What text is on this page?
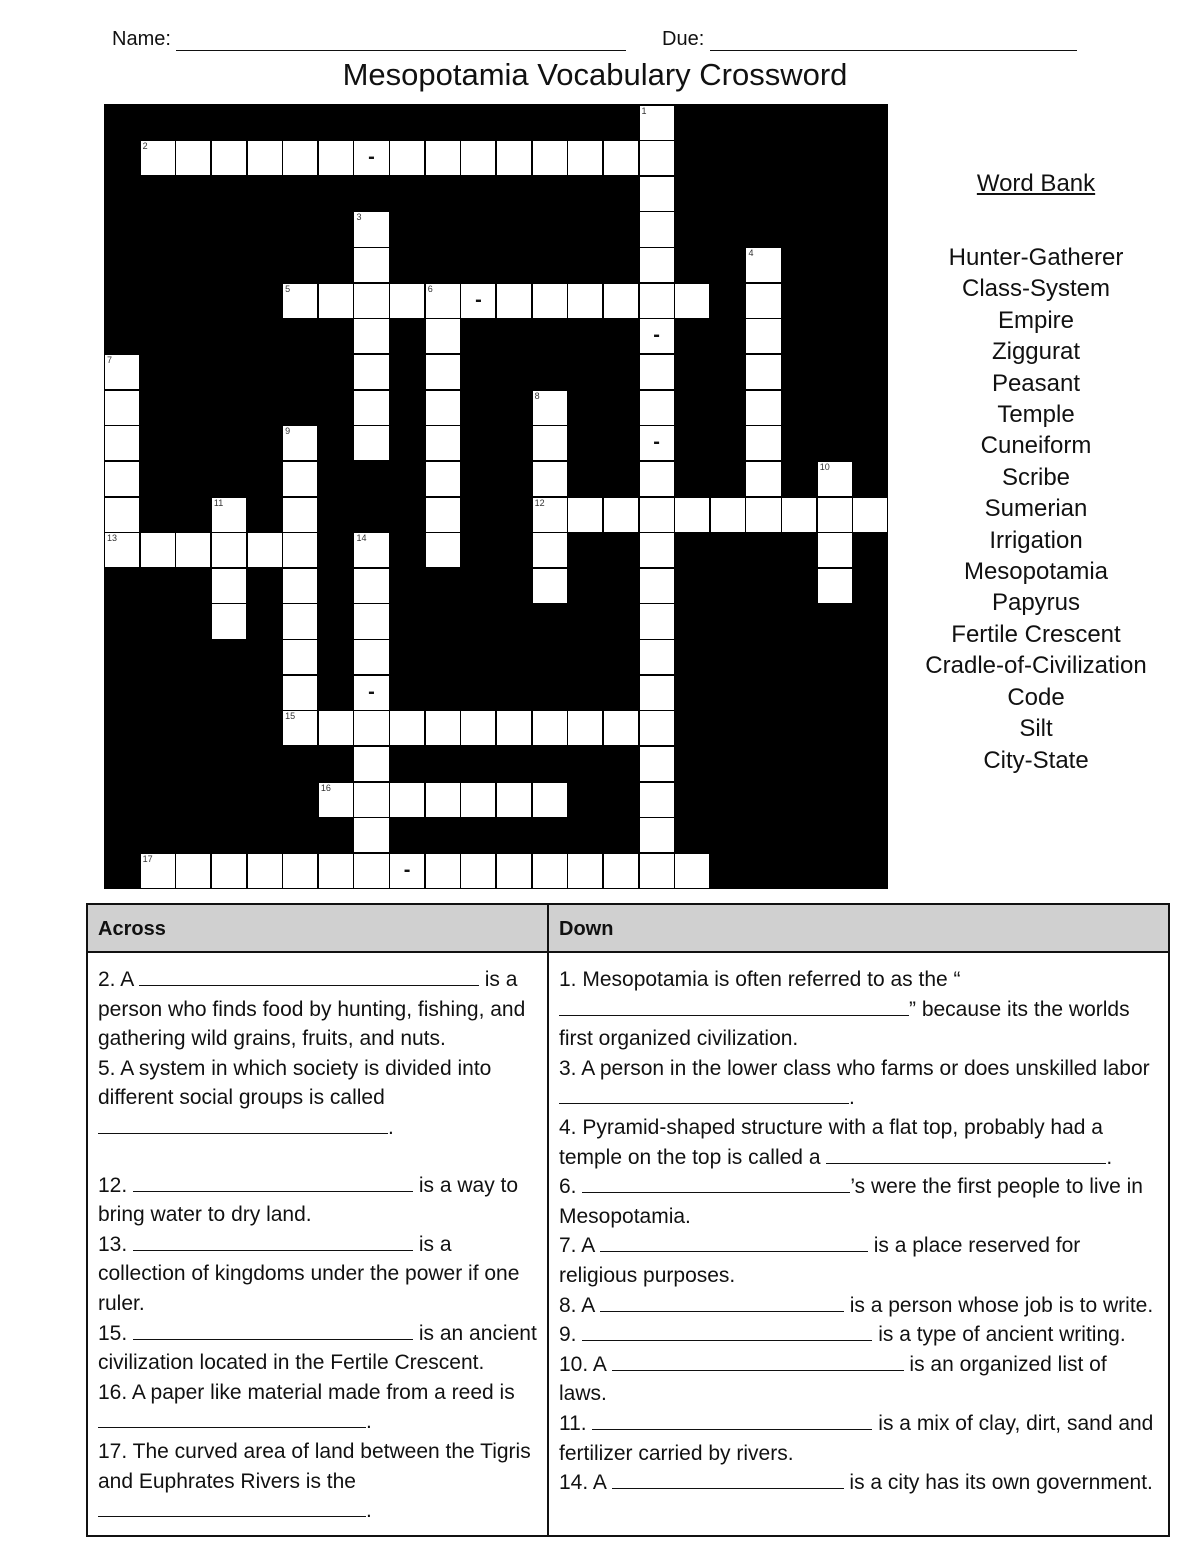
Name:	Due:
Mesopotamia Vocabulary Crossword
1
-
-
2	-
3
4
5	6	-
7
13
8
12
9
15
10
11
14
-
16
17	-
Word Bank
Hunter-Gatherer
Class-System
Empire
Ziggurat
Peasant
Temple
Cuneiform
Scribe
Sumerian
Irrigation
Mesopotamia
Papyrus
Fertile Crescent
Cradle-of-Civilization
Code
Silt
City-State
Across

2. A	is a person who finds food by hunting, fishing, and gathering wild grains, fruits, and nuts.

5. A system in which society is divided into different social groups is called .

12.	is a way to bring water to dry land.

13.	is a collection of kingdoms under the power if one ruler.

15.	is an ancient civilization located in the Fertile Crescent.

16. A paper like material made from a reed is .

17. The curved area of land between the Tigris and Euphrates Rivers is the .

Down

1. Mesopotamia is often referred to as the “” because its the worlds first organized civilization.

3. A person in the lower class who farms or does unskilled labor .

4. Pyramid-shaped structure with a flat top, probably had a temple on the top is called a	.

6.	’s were the first people to live in Mesopotamia.

7. A	is a place reserved for religious purposes.

8. A	is a person whose job is to write.

9.	is a type of ancient writing.

10. A	is an organized list of laws.

11.	is a mix of clay, dirt, sand and fertilizer carried by rivers.

14. A	is a city has its own government.
